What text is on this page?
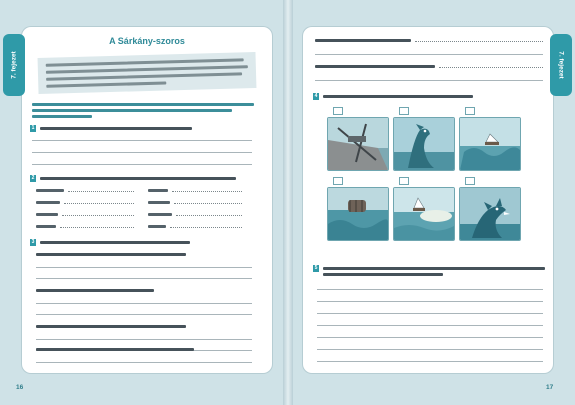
A Sárkány-szoros
1
2
3
7. fejezet
16
4
5
7. fejezet
17
